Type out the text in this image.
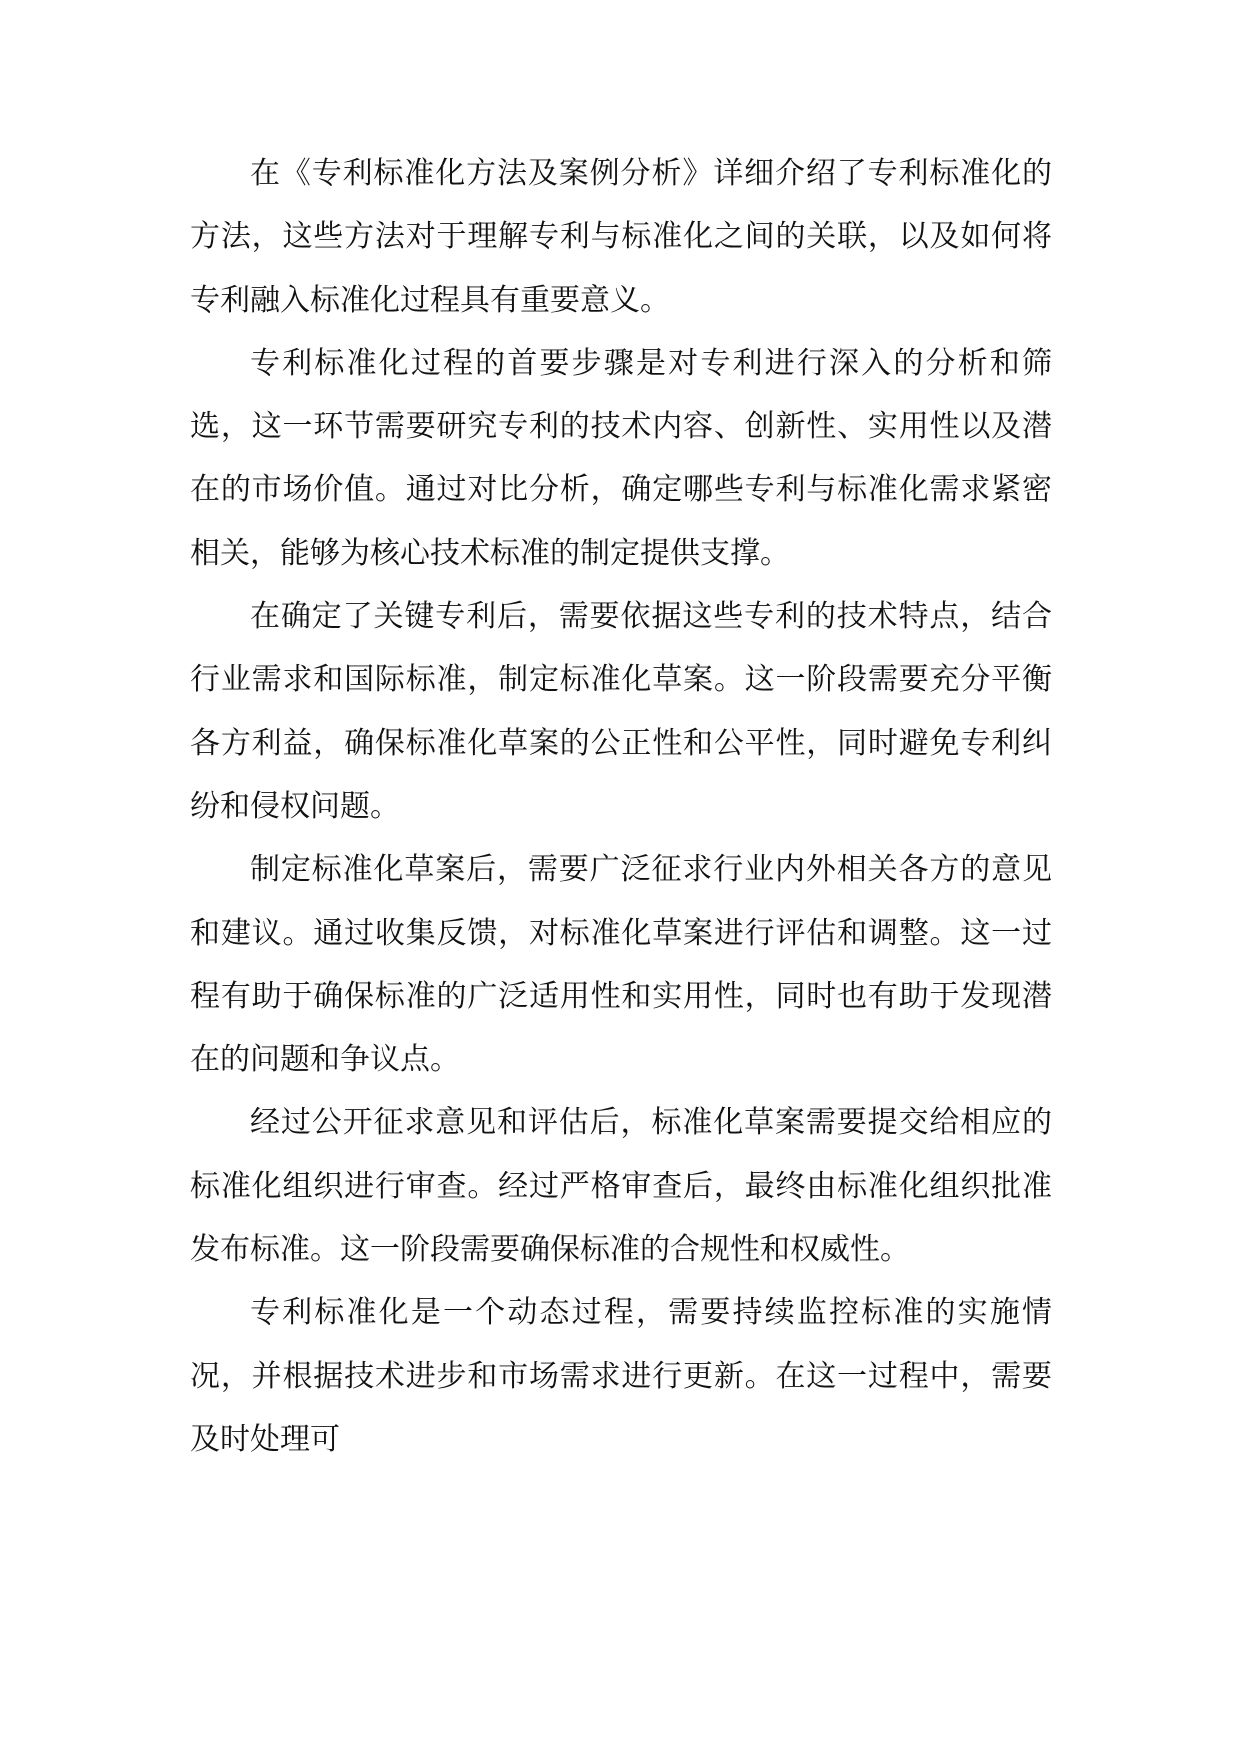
在《专利标准化方法及案例分析》详细介绍了专利标准化的方法，这些方法对于理解专利与标准化之间的关联，以及如何将专利融入标准化过程具有重要意义。

专利标准化过程的首要步骤是对专利进行深入的分析和筛选，这一环节需要研究专利的技术内容、创新性、实用性以及潜在的市场价值。通过对比分析，确定哪些专利与标准化需求紧密相关，能够为核心技术标准的制定提供支撑。

在确定了关键专利后，需要依据这些专利的技术特点，结合行业需求和国际标准，制定标准化草案。这一阶段需要充分平衡各方利益，确保标准化草案的公正性和公平性，同时避免专利纠纷和侵权问题。

制定标准化草案后，需要广泛征求行业内外相关各方的意见和建议。通过收集反馈，对标准化草案进行评估和调整。这一过程有助于确保标准的广泛适用性和实用性，同时也有助于发现潜在的问题和争议点。

经过公开征求意见和评估后，标准化草案需要提交给相应的标准化组织进行审查。经过严格审查后，最终由标准化组织批准发布标准。这一阶段需要确保标准的合规性和权威性。

专利标准化是一个动态过程，需要持续监控标准的实施情况，并根据技术进步和市场需求进行更新。在这一过程中，需要及时处理可
